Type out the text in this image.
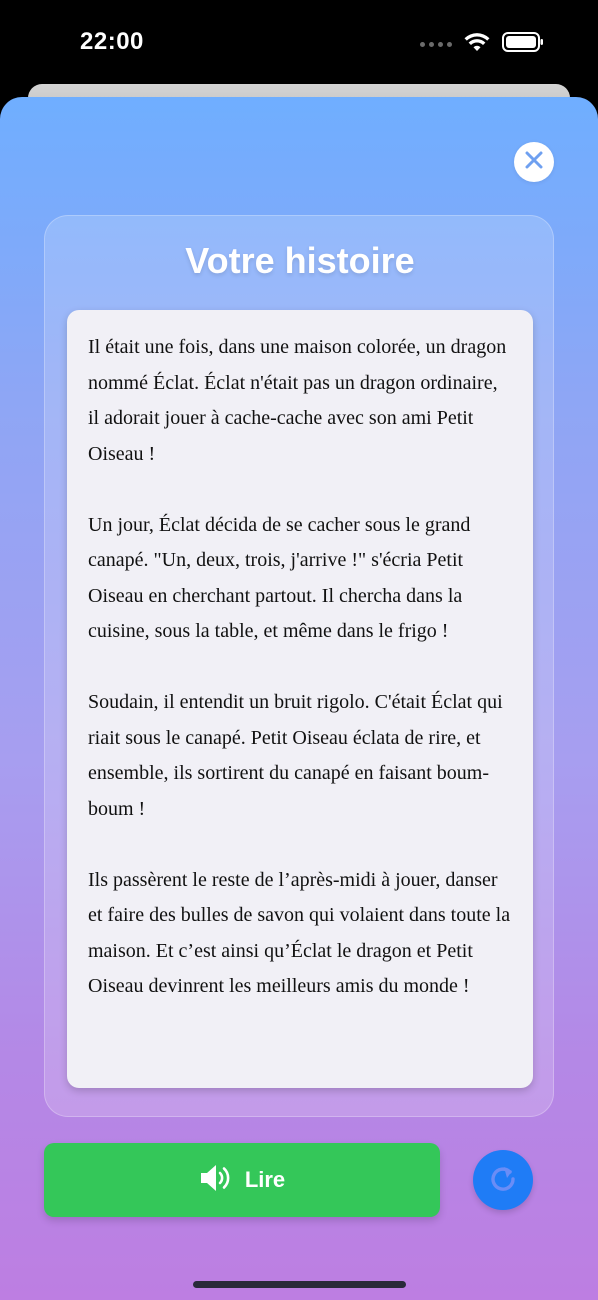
22:00
Votre histoire

Il était une fois, dans une maison colorée, un dragon nommé Éclat. Éclat n'était pas un dragon ordinaire, il adorait jouer à cache-cache avec son ami Petit Oiseau !

Un jour, Éclat décida de se cacher sous le grand canapé. "Un, deux, trois, j'arrive !" s'écria Petit Oiseau en cherchant partout. Il chercha dans la cuisine, sous la table, et même dans le frigo !

Soudain, il entendit un bruit rigolo. C'était Éclat qui riait sous le canapé. Petit Oiseau éclata de rire, et ensemble, ils sortirent du canapé en faisant boum-boum !

Ils passèrent le reste de l’après-midi à jouer, danser et faire des bulles de savon qui volaient dans toute la maison. Et c’est ainsi qu’Éclat le dragon et Petit Oiseau devinrent les meilleurs amis du monde !

Lire
